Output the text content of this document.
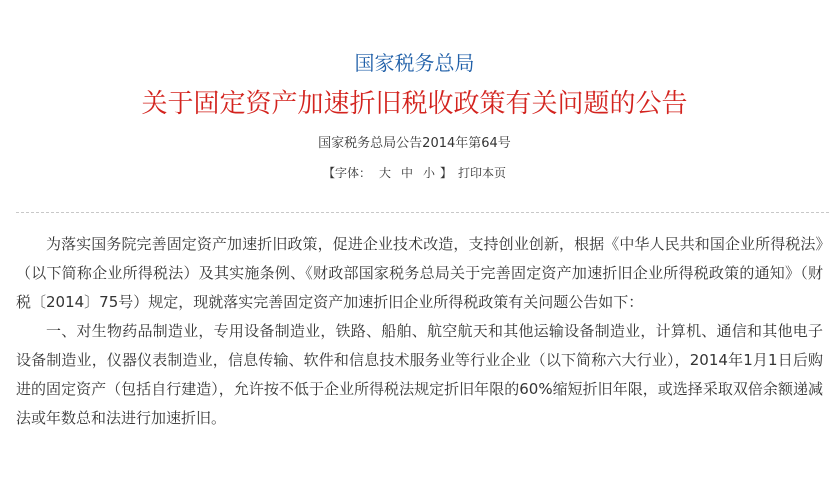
国家税务总局
关于固定资产加速折旧税收政策有关问题的公告
国家税务总局公告2014年第64号
【字体： 大 中 小 】 打印本页

为落实国务院完善固定资产加速折旧政策，促进企业技术改造，支持创业创新，根据《中华人民共和国企业所得税法》（以下简称企业所得税法）及其实施条例、《财政部国家税务总局关于完善固定资产加速折旧企业所得税政策的通知》（财税〔2014〕75号）规定，现就落实完善固定资产加速折旧企业所得税政策有关问题公告如下：

一、对生物药品制造业，专用设备制造业，铁路、船舶、航空航天和其他运输设备制造业，计算机、通信和其他电子设备制造业，仪器仪表制造业，信息传输、软件和信息技术服务业等行业企业（以下简称六大行业），2014年1月1日后购进的固定资产（包括自行建造），允许按不低于企业所得税法规定折旧年限的60%缩短折旧年限，或选择采取双倍余额递减法或年数总和法进行加速折旧。
